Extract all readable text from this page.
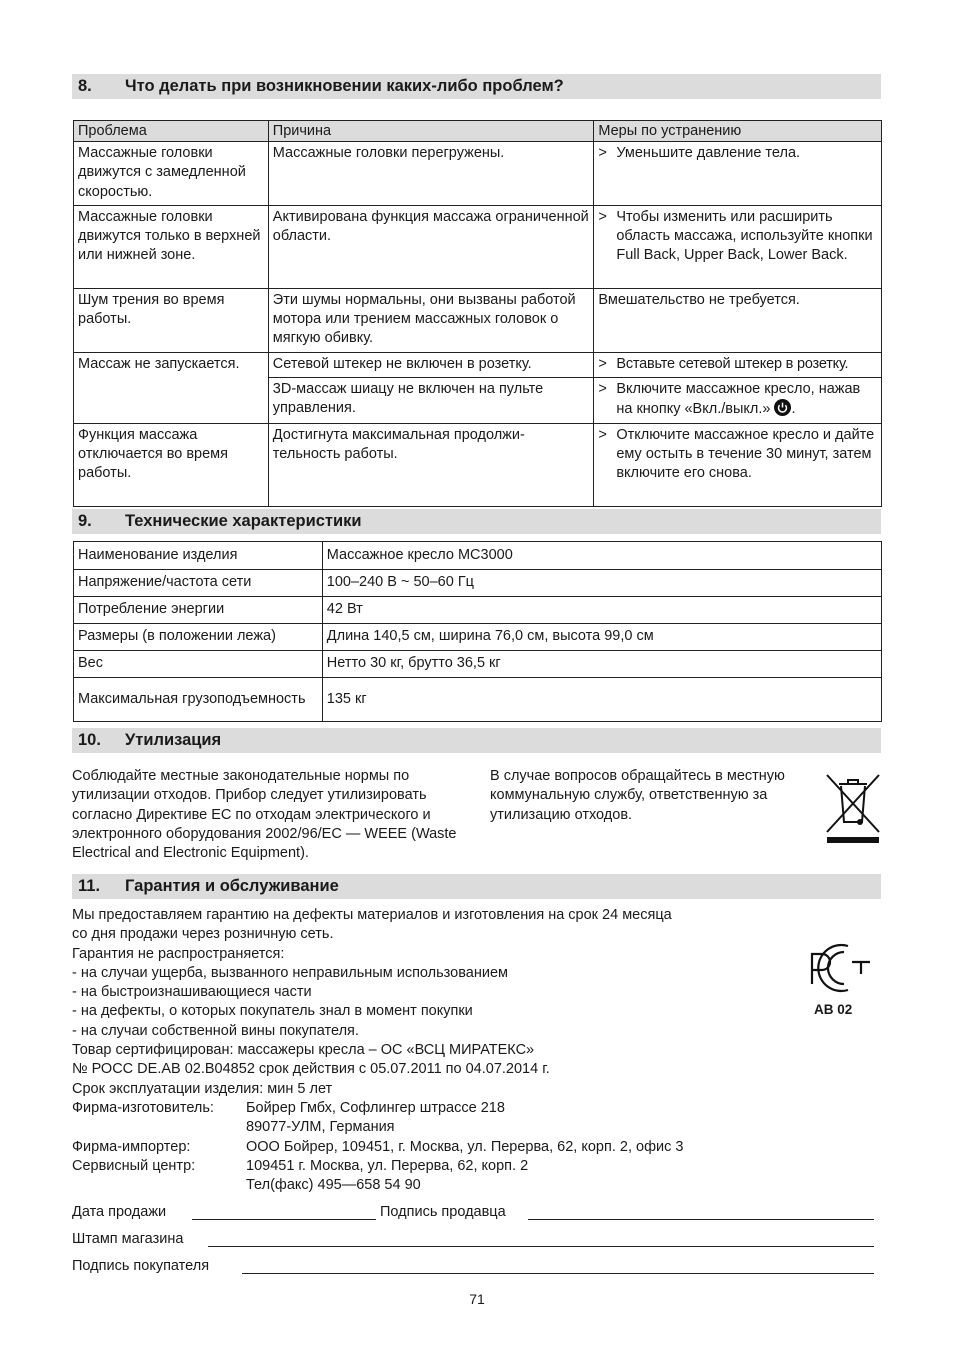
8. Что делать при возникновении каких-либо проблем?
Проблема	Причина	Меры по устранению
Массажные головки движутся с замедленной скоростью.	Массажные головки перегружены.	> Уменьшите давление тела.

Массажные головки движутся только в верхней или нижней зоне.	Активирована функция массажа ограниченной области.	> Чтобы изменить или расширить область массажа, используйте кнопки Full Back, Upper Back, Lower Back.

Шум трения во время работы.	Эти шумы нормальны, они вызваны работой мотора или трением массажных головок о мягкую обивку.	Вмешательство не требуется.
Массаж не запускается.	Сетевой штекер не включен в розетку.	> Вставьте сетевой штекер в розетку.

	3D-массаж шиацу не включен на пульте управления.	> Включите массажное кресло, нажав на кнопку «Вкл./выкл.» .

Функция массажа отключается во время работы.	Достигнута максимальная продолжи-тельность работы.	> Отключите массажное кресло и дайте ему остыть в течение 30 минут, затем включите его снова.
9. Технические характеристики
Наименование изделия	Массажное кресло MC3000
Напряжение/частота сети	100–240 В ~ 50–60 Гц
Потребление энергии	42 Вт
Размеры (в положении лежа)	Длина 140,5 см, ширина 76,0 см, высота 99,0 см
Вес	Нетто 30 кг, брутто 36,5 кг
Максимальная грузоподъемность	135 кг
10. Утилизация
Соблюдайте местные законодательные нормы по утилизации отходов. Прибор следует утилизировать согласно Директиве ЕС по отходам электрического и электронного оборудования 2002/96/EC — WEEE (Waste Electrical and Electronic Equipment).
В случае вопросов обращайтесь в местную коммунальную службу, ответственную за утилизацию отходов.
11. Гарантия и обслуживание
Мы предоставляем гарантию на дефекты материалов и изготовления на срок 24 месяца
со дня продажи через розничную сеть.
Гарантия не распространяется:
- на случаи ущерба, вызванного неправильным использованием
- на быстроизнашивающиеся части
- на дефекты, о которых покупатель знал в момент покупки
- на случаи собственной вины покупателя.
Товар сертифицирован: массажеры кресла – ОС «ВСЦ МИРАТЕКС»
№ РОСС DE.АВ 02.В04852 срок действия с 05.07.2011 по 04.07.2014 г.
Срок эксплуатации изделия: мин 5 лет
Фирма-изготовитель:	Бойрер Гмбх, Софлингер штрассе 218
89077-УЛМ, Германия
Фирма-импортер:	ООО Бойрер, 109451, г. Москва, ул. Перерва, 62, корп. 2, офис 3
Сервисный центр:	109451 г. Москва, ул. Перерва, 62, корп. 2
Тел(факс) 495—658 54 90
АВ 02
Дата продажи	Подпись продавца
Штамп магазина
Подпись покупателя
71
